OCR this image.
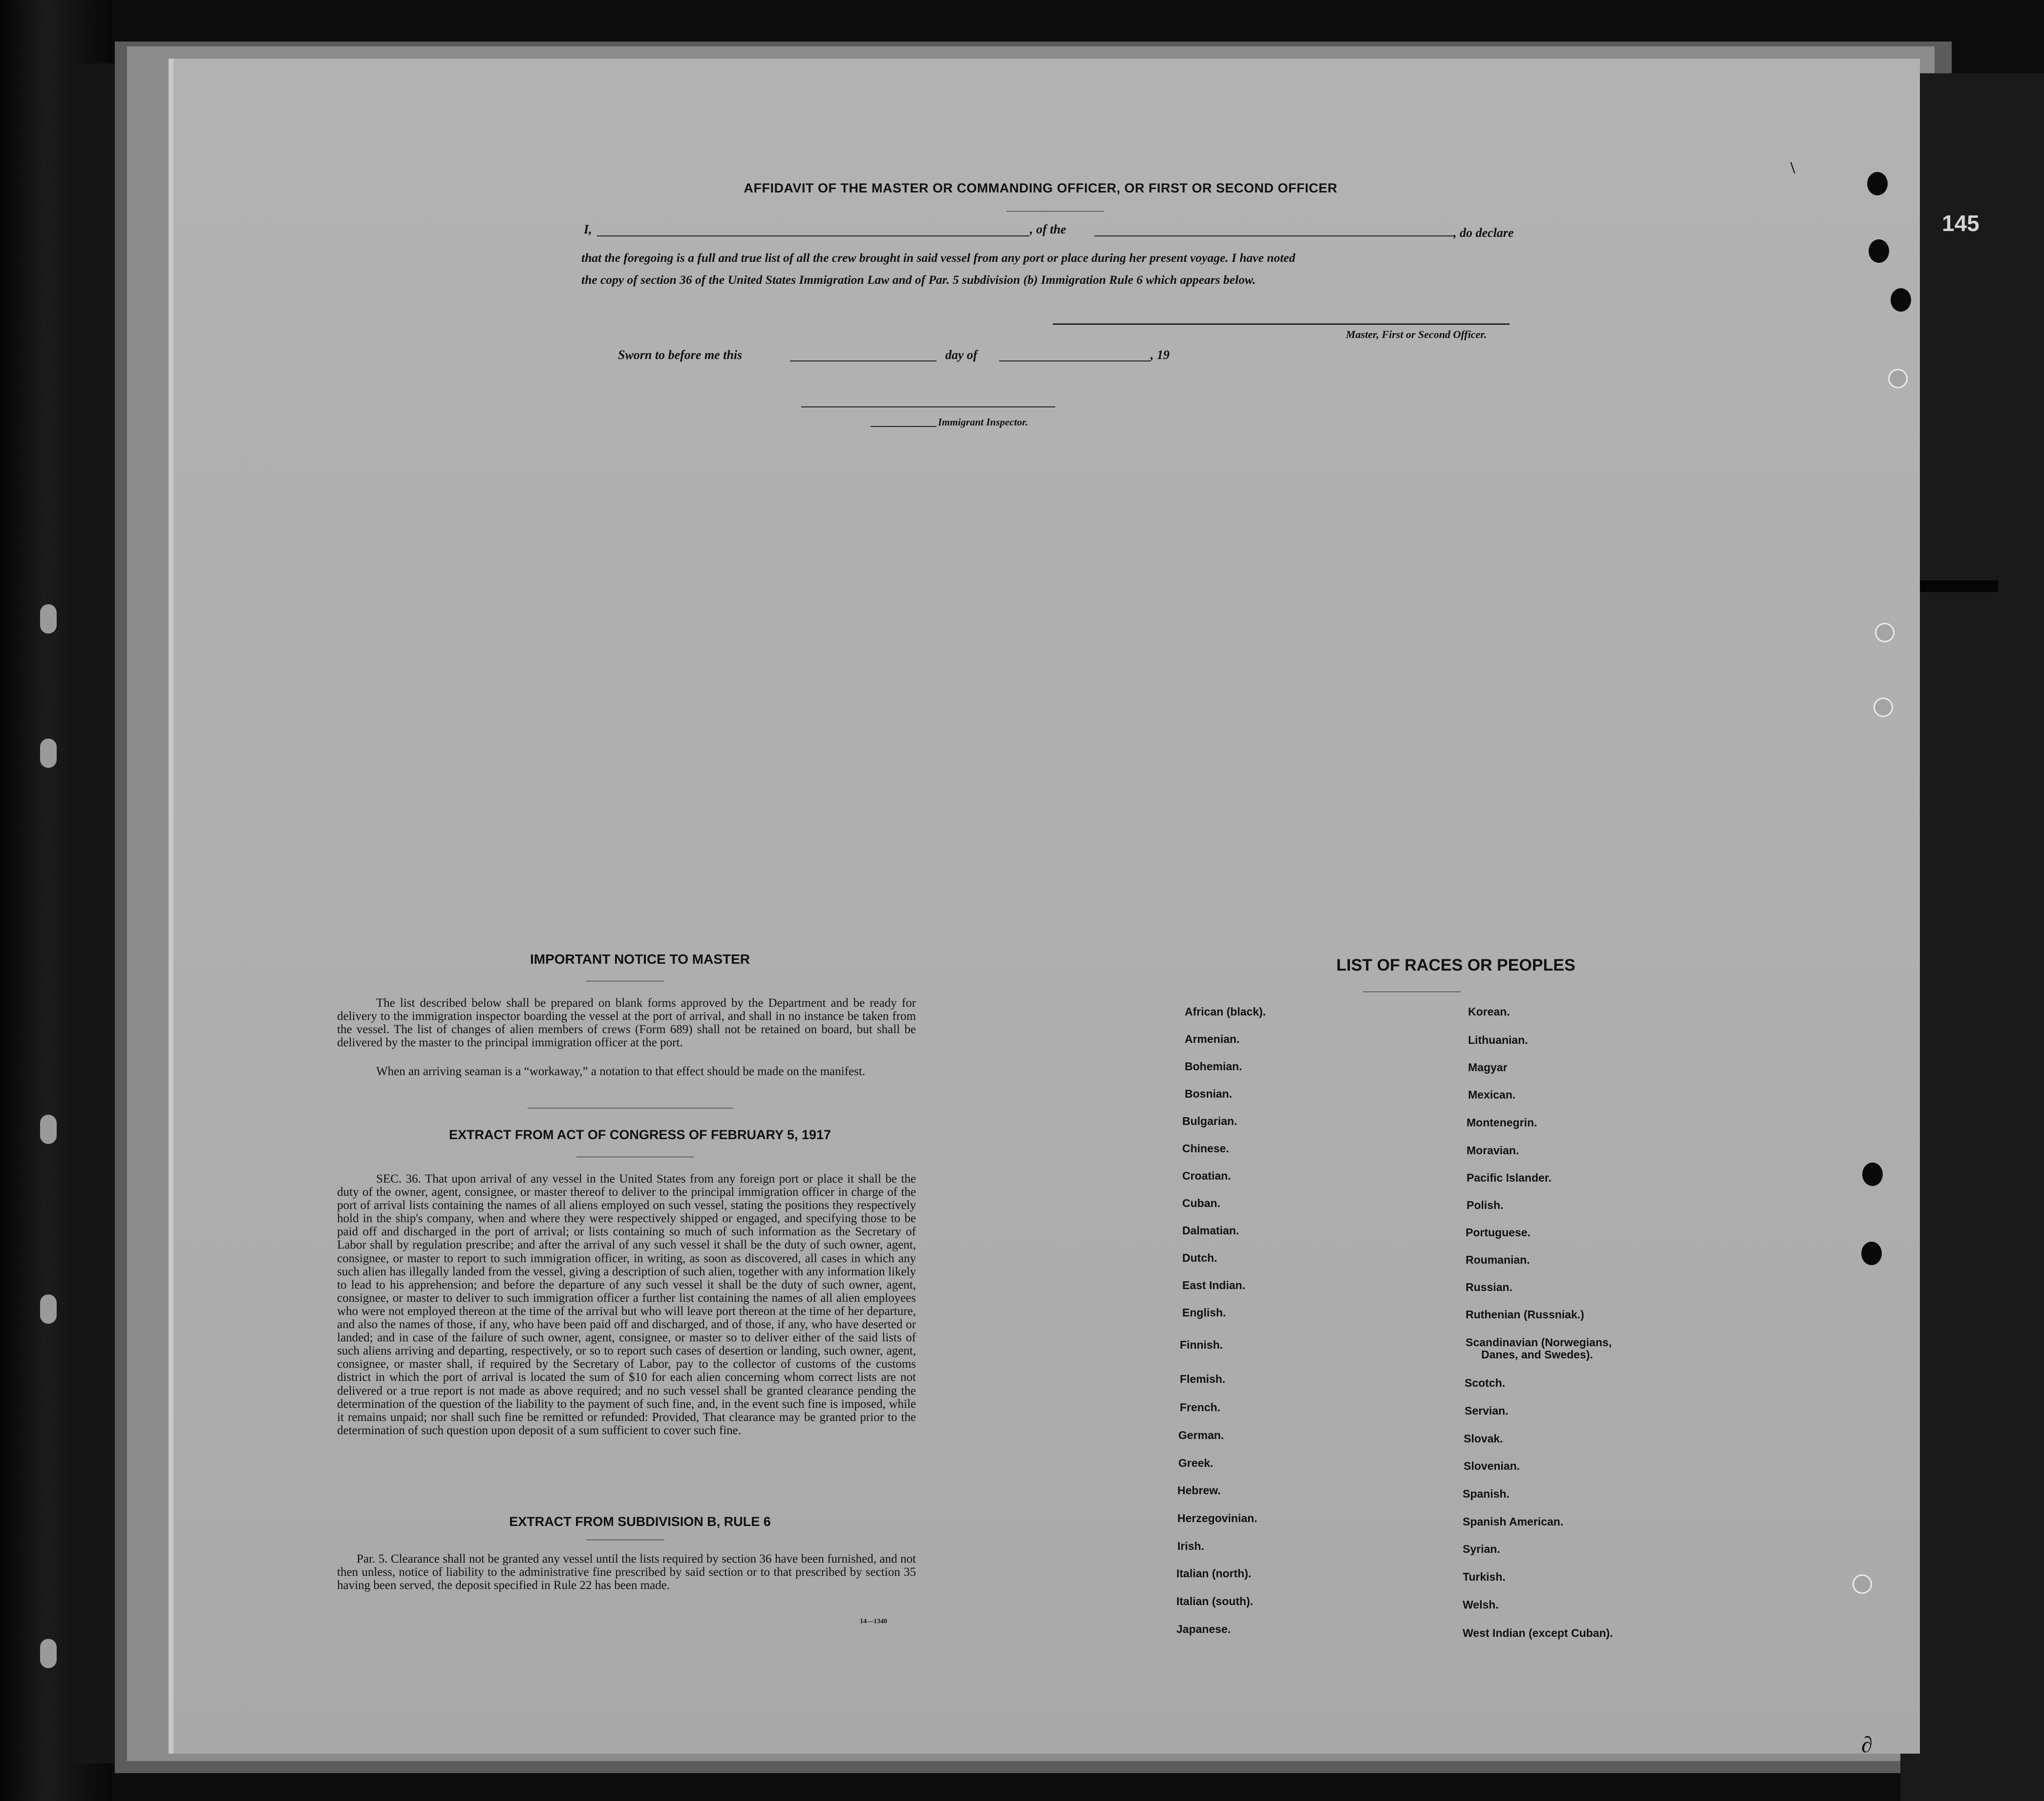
145
AFFIDAVIT OF THE MASTER OR COMMANDING OFFICER, OR FIRST OR SECOND OFFICER
I,	, of the	, do declare
that the foregoing is a full and true list of all the crew brought in said vessel from any port or place during her present voyage. I have noted
the copy of section 36 of the United States Immigration Law and of Par. 5 subdivision (b) Immigration Rule 6 which appears below.
Master, First or Second Officer.
Sworn to before me this	day of	, 19
Immigrant Inspector.
IMPORTANT NOTICE TO MASTER
The list described below shall be prepared on blank forms approved by the Department and be ready for delivery to the immigration inspector boarding the vessel at the port of arrival, and shall in no instance be taken from the vessel. The list of changes of alien members of crews (Form 689) shall not be retained on board, but shall be delivered by the master to the principal immigration officer at the port.
When an arriving seaman is a “workaway,” a notation to that effect should be made on the manifest.
EXTRACT FROM ACT OF CONGRESS OF FEBRUARY 5, 1917
SEC. 36. That upon arrival of any vessel in the United States from any foreign port or place it shall be the duty of the owner, agent, consignee, or master thereof to deliver to the principal immigration officer in charge of the port of arrival lists containing the names of all aliens employed on such vessel, stating the positions they respectively hold in the ship's company, when and where they were respectively shipped or engaged, and specifying those to be paid off and discharged in the port of arrival; or lists containing so much of such information as the Secretary of Labor shall by regulation prescribe; and after the arrival of any such vessel it shall be the duty of such owner, agent, consignee, or master to report to such immigration officer, in writing, as soon as discovered, all cases in which any such alien has illegally landed from the vessel, giving a description of such alien, together with any information likely to lead to his apprehension; and before the departure of any such vessel it shall be the duty of such owner, agent, consignee, or master to deliver to such immigration officer a further list containing the names of all alien employees who were not employed thereon at the time of the arrival but who will leave port thereon at the time of her departure, and also the names of those, if any, who have been paid off and discharged, and of those, if any, who have deserted or landed; and in case of the failure of such owner, agent, consignee, or master so to deliver either of the said lists of such aliens arriving and departing, respectively, or so to report such cases of desertion or landing, such owner, agent, consignee, or master shall, if required by the Secretary of Labor, pay to the collector of customs of the customs district in which the port of arrival is located the sum of $10 for each alien concerning whom correct lists are not delivered or a true report is not made as above required; and no such vessel shall be granted clearance pending the determination of the question of the liability to the payment of such fine, and, in the event such fine is imposed, while it remains unpaid; nor shall such fine be remitted or refunded: Provided, That clearance may be granted prior to the determination of such question upon deposit of a sum sufficient to cover such fine.
EXTRACT FROM SUBDIVISION B, RULE 6
Par. 5. Clearance shall not be granted any vessel until the lists required by section 36 have been furnished, and not then unless, notice of liability to the administrative fine prescribed by said section or to that prescribed by section 35 having been served, the deposit specified in Rule 22 has been made.
14—1340
LIST OF RACES OR PEOPLES
African (black).
Armenian.
Bohemian.
Bosnian.
Bulgarian.
Chinese.
Croatian.
Cuban.
Dalmatian.
Dutch.
East Indian.
English.
Finnish.
Flemish.
French.
German.
Greek.
Hebrew.
Herzegovinian.
Irish.
Italian (north).
Italian (south).
Japanese.
Korean.
Lithuanian.
Magyar
Mexican.
Montenegrin.
Moravian.
Pacific Islander.
Polish.
Portuguese.
Roumanian.
Russian.
Ruthenian (Russniak.)
Scandinavian (Norwegians,
Danes, and Swedes).
Scotch.
Servian.
Slovak.
Slovenian.
Spanish.
Spanish American.
Syrian.
Turkish.
Welsh.
West Indian (except Cuban).
\
∂
